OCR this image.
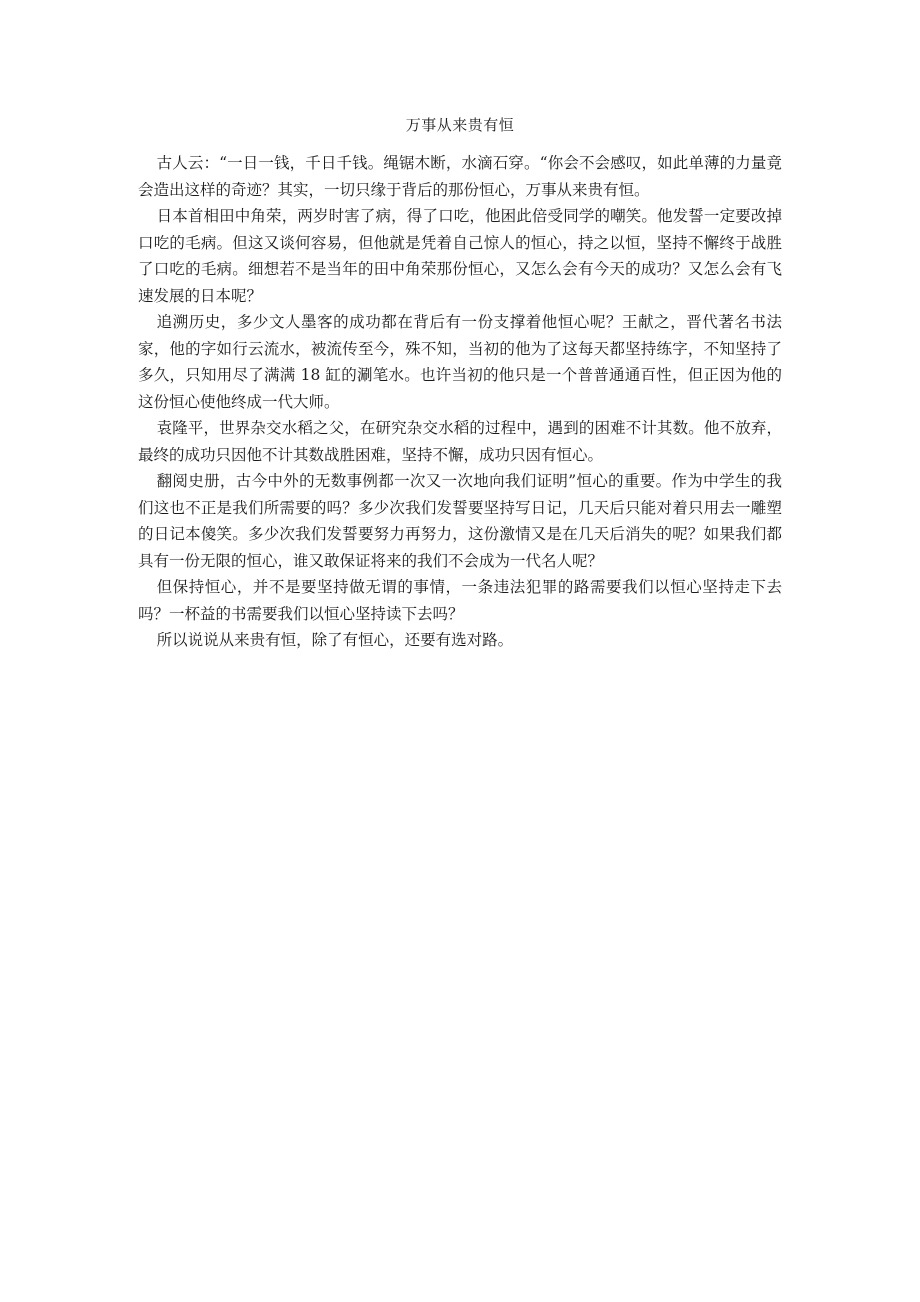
万事从来贵有恒

古人云：“一日一钱，千日千钱。绳锯木断，水滴石穿。“你会不会感叹，如此单薄的力量竟会造出这样的奇迹？其实，一切只缘于背后的那份恒心，万事从来贵有恒。

日本首相田中角荣，两岁时害了病，得了口吃，他困此倍受同学的嘲笑。他发誓一定要改掉口吃的毛病。但这又谈何容易，但他就是凭着自己惊人的恒心，持之以恒，坚持不懈终于战胜了口吃的毛病。细想若不是当年的田中角荣那份恒心，又怎么会有今天的成功？又怎么会有飞速发展的日本呢？

追溯历史，多少文人墨客的成功都在背后有一份支撑着他恒心呢？王献之，晋代著名书法家，他的字如行云流水，被流传至今，殊不知，当初的他为了这每天都坚持练字，不知坚持了多久，只知用尽了满满 18 缸的涮笔水。也许当初的他只是一个普普通通百性，但正因为他的这份恒心使他终成一代大师。

袁隆平，世界杂交水稻之父，在研究杂交水稻的过程中，遇到的困难不计其数。他不放弃，最终的成功只因他不计其数战胜困难，坚持不懈，成功只因有恒心。

翻阅史册，古今中外的无数事例都一次又一次地向我们证明”恒心的重要。作为中学生的我们这也不正是我们所需要的吗？多少次我们发誓要坚持写日记，几天后只能对着只用去一雕塑的日记本傻笑。多少次我们发誓要努力再努力，这份激情又是在几天后消失的呢？如果我们都具有一份无限的恒心，谁又敢保证将来的我们不会成为一代名人呢？

但保持恒心，并不是要坚持做无谓的事情，一条违法犯罪的路需要我们以恒心坚持走下去吗？一杯益的书需要我们以恒心坚持读下去吗？

所以说说从来贵有恒，除了有恒心，还要有选对路。
